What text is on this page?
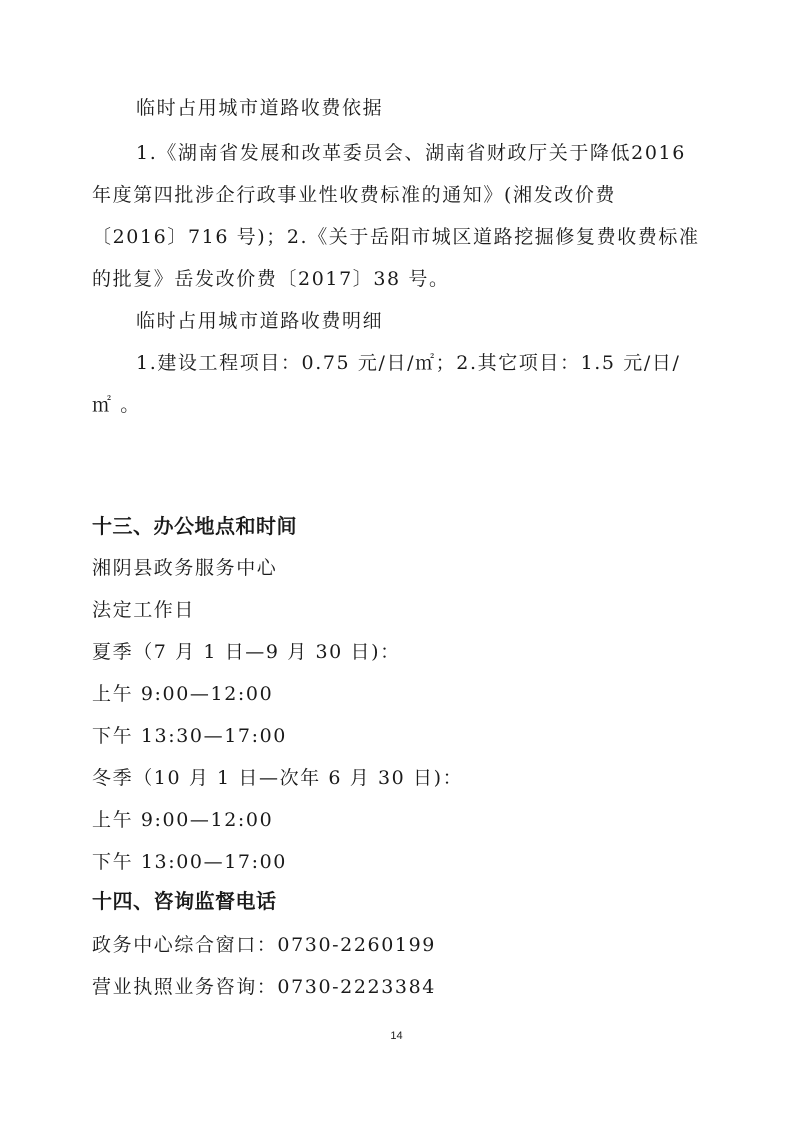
临时占用城市道路收费依据
1.《湖南省发展和改革委员会、湖南省财政厅关于降低2016
年度第四批涉企行政事业性收费标准的通知》(湘发改价费
〔2016〕716 号)；2.《关于岳阳市城区道路挖掘修复费收费标准
的批复》岳发改价费〔2017〕38 号。
临时占用城市道路收费明细
1.建设工程项目：0.75 元/日/㎡；2.其它项目：1.5 元/日/
㎡ 。
十三、办公地点和时间
湘阴县政务服务中心
法定工作日
夏季（7 月 1 日—9 月 30 日)：
上午 9:00—12:00
下午 13:30—17:00
冬季（10 月 1 日—次年 6 月 30 日)：
上午 9:00—12:00
下午 13:00—17:00
十四、咨询监督电话
政务中心综合窗口：0730-2260199
营业执照业务咨询：0730-2223384
14
